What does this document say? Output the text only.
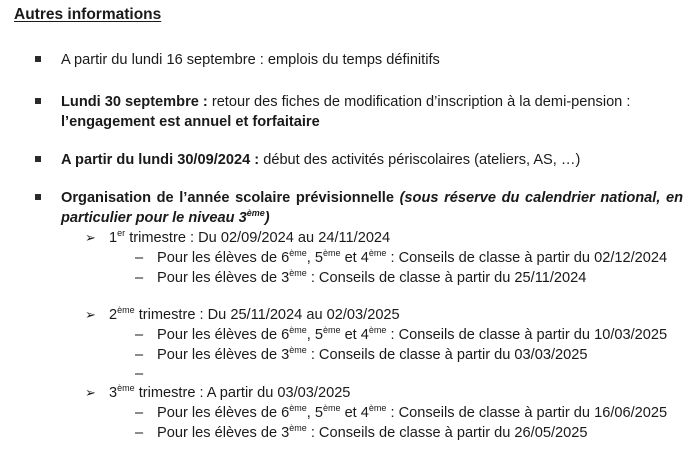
Autres informations

A partir du lundi 16 septembre : emplois du temps définitifs

Lundi 30 septembre : retour des fiches de modification d’inscription à la demi-pension :
l’engagement est annuel et forfaitaire

A partir du lundi 30/09/2024 : début des activités périscolaires (ateliers, AS, …)

Organisation de l’année scolaire prévisionnelle (sous réserve du calendrier national, en particulier pour le niveau 3ème)

➢ 1er trimestre : Du 02/09/2024 au 24/11/2024
– Pour les élèves de 6ème, 5ème et 4ème : Conseils de classe à partir du 02/12/2024
– Pour les élèves de 3ème : Conseils de classe à partir du 25/11/2024
➢ 2ème trimestre : Du 25/11/2024 au 02/03/2025
– Pour les élèves de 6ème, 5ème et 4ème : Conseils de classe à partir du 10/03/2025
– Pour les élèves de 3ème : Conseils de classe à partir du 03/03/2025
–
➢ 3ème trimestre : A partir du 03/03/2025
– Pour les élèves de 6ème, 5ème et 4ème : Conseils de classe à partir du 16/06/2025
– Pour les élèves de 3ème : Conseils de classe à partir du 26/05/2025
